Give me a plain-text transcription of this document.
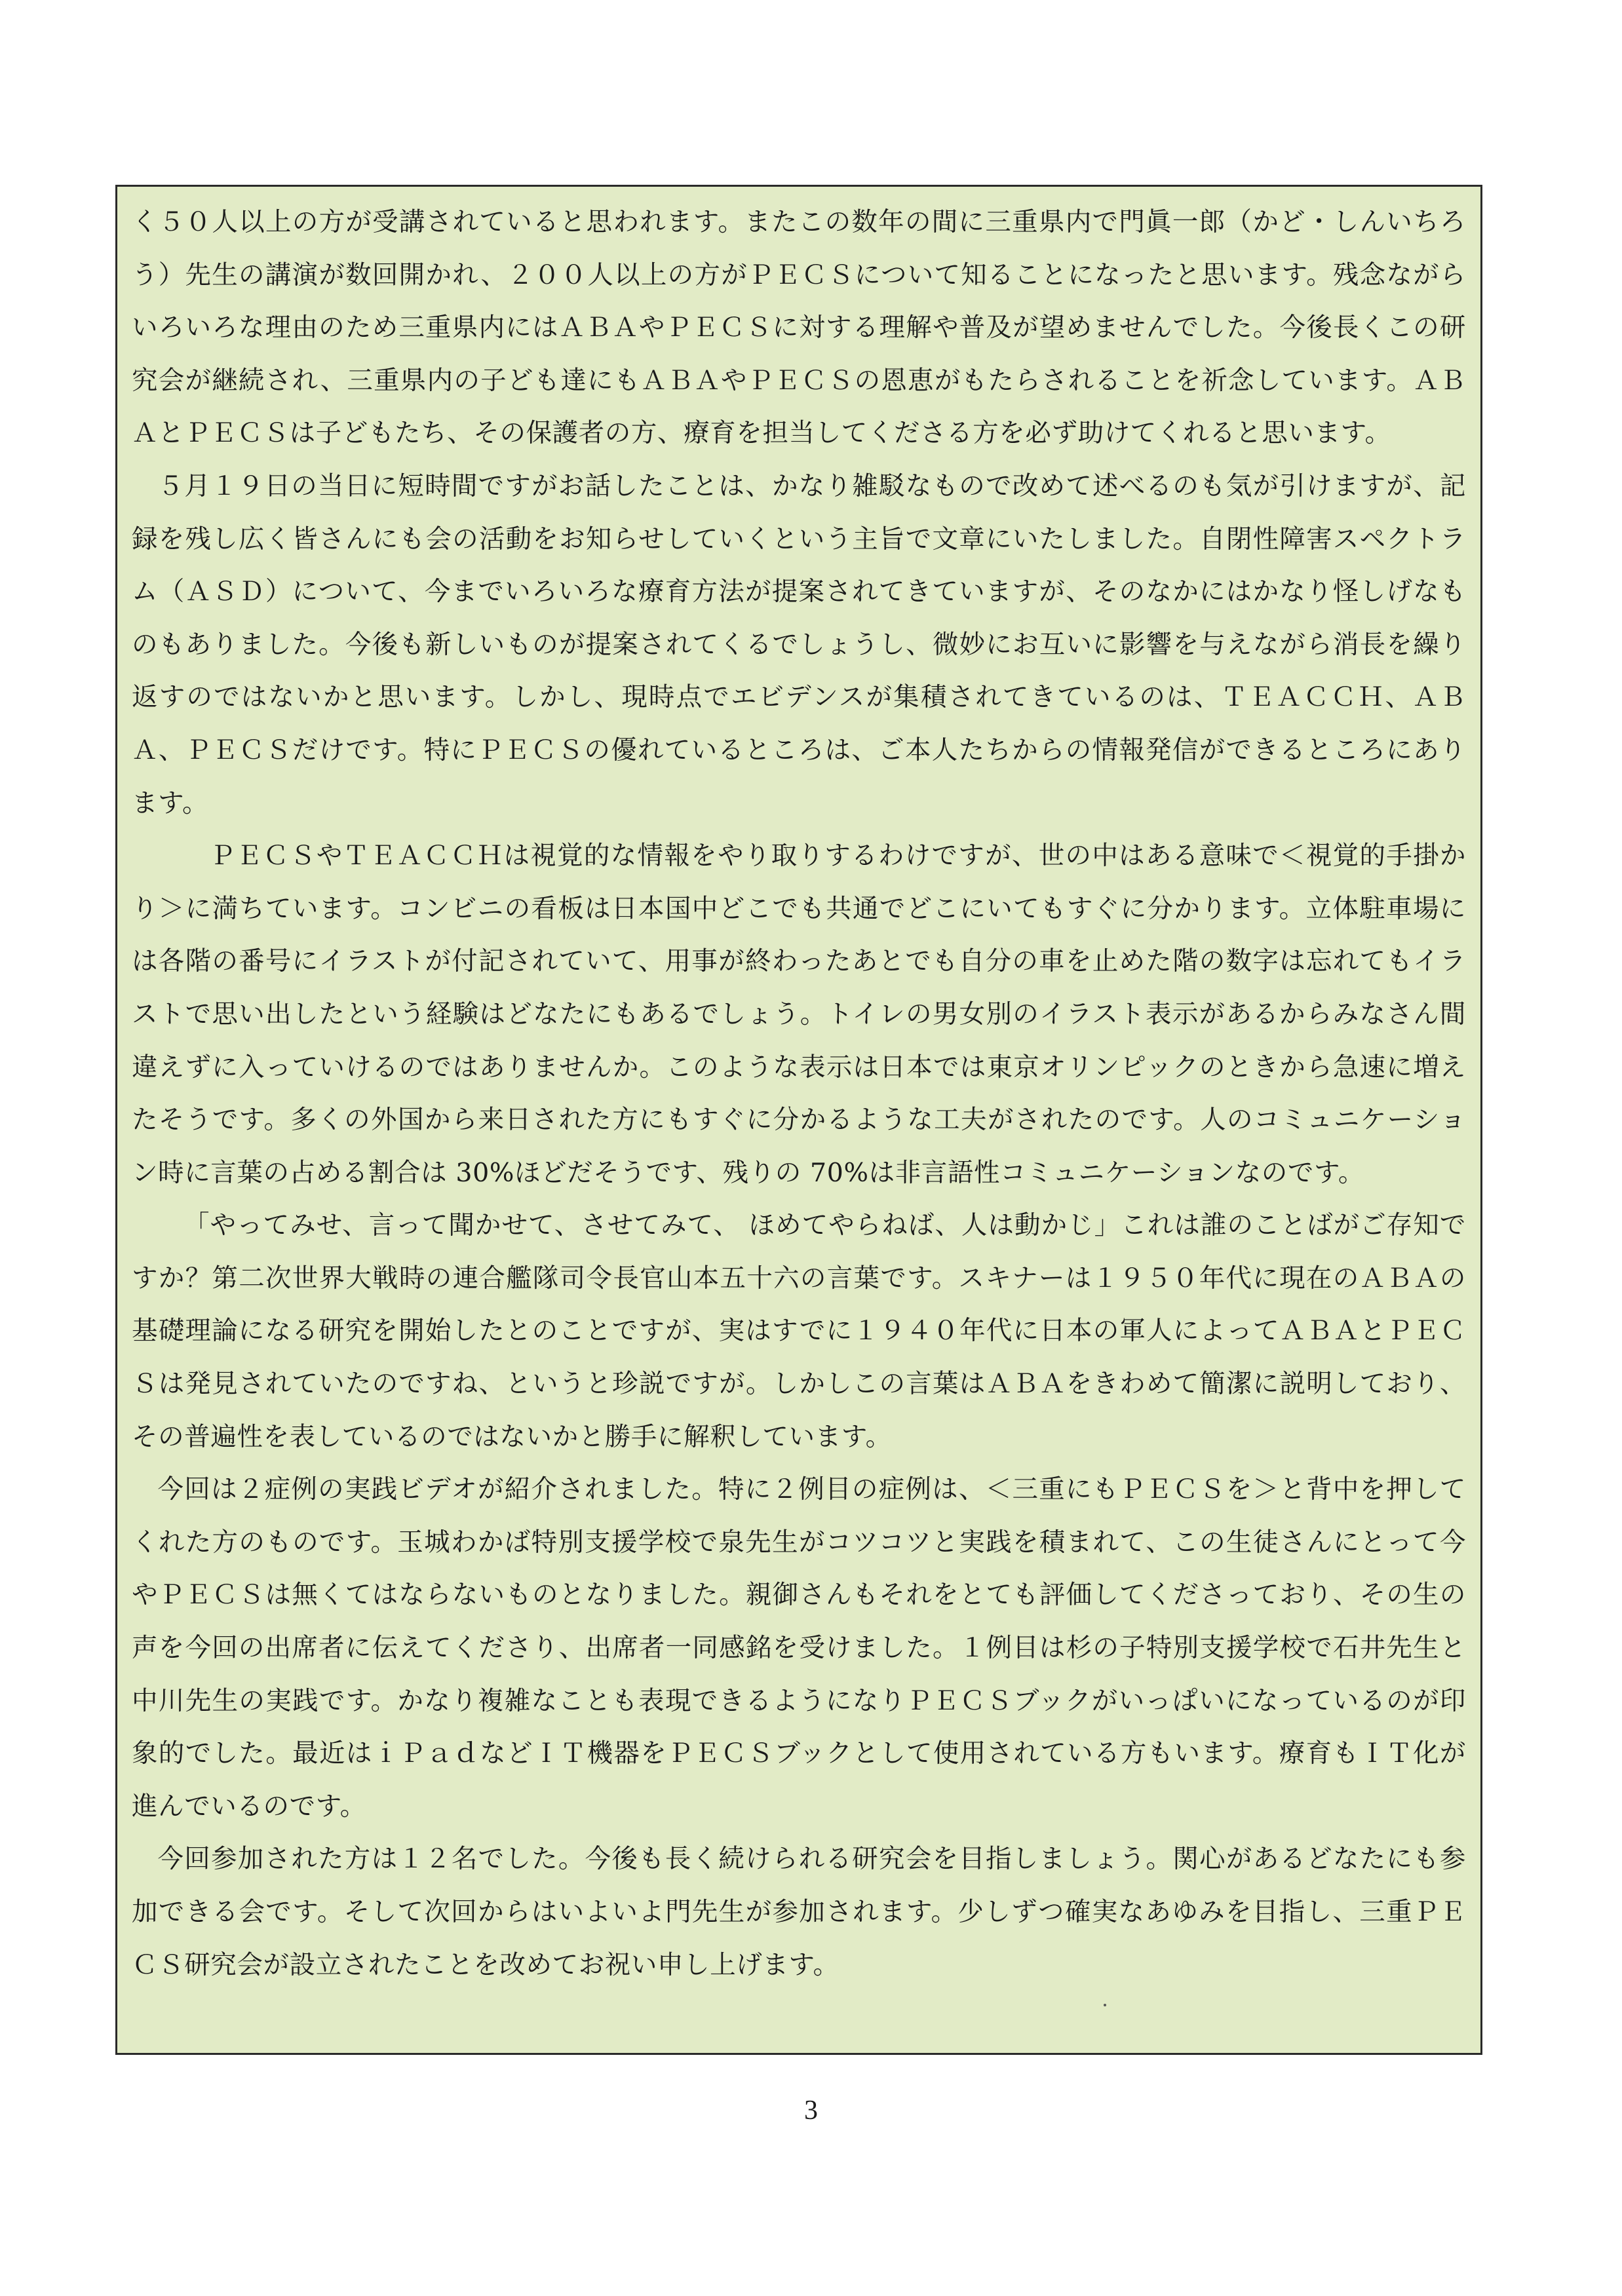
く５０人以上の方が受講されていると思われます。またこの数年の間に三重県内で門眞一郎（かど・しんいちろう）先生の講演が数回開かれ、２００人以上の方がＰＥＣＳについて知ることになったと思います。残念ながらいろいろな理由のため三重県内にはＡＢＡやＰＥＣＳに対する理解や普及が望めませんでした。今後長くこの研究会が継続され、三重県内の子ども達にもＡＢＡやＰＥＣＳの恩恵がもたらされることを祈念しています。ＡＢＡとＰＥＣＳは子どもたち、その保護者の方、療育を担当してくださる方を必ず助けてくれると思います。

５月１９日の当日に短時間ですがお話したことは、かなり雑駁なもので改めて述べるのも気が引けますが、記録を残し広く皆さんにも会の活動をお知らせしていくという主旨で文章にいたしました。自閉性障害スペクトラム（ＡＳＤ）について、今までいろいろな療育方法が提案されてきていますが、そのなかにはかなり怪しげなものもありました。今後も新しいものが提案されてくるでしょうし、微妙にお互いに影響を与えながら消長を繰り返すのではないかと思います。しかし、現時点でエビデンスが集積されてきているのは、ＴＥＡＣＣＨ、ＡＢＡ、ＰＥＣＳだけです。特にＰＥＣＳの優れているところは、ご本人たちからの情報発信ができるところにあります。

ＰＥＣＳやＴＥＡＣＣＨは視覚的な情報をやり取りするわけですが、世の中はある意味で＜視覚的手掛かり＞に満ちています。コンビニの看板は日本国中どこでも共通でどこにいてもすぐに分かります。立体駐車場には各階の番号にイラストが付記されていて、用事が終わったあとでも自分の車を止めた階の数字は忘れてもイラストで思い出したという経験はどなたにもあるでしょう。トイレの男女別のイラスト表示があるからみなさん間違えずに入っていけるのではありませんか。このような表示は日本では東京オリンピックのときから急速に増えたそうです。多くの外国から来日された方にもすぐに分かるような工夫がされたのです。人のコミュニケーション時に言葉の占める割合は 30%ほどだそうです、残りの 70%は非言語性コミュニケーションなのです。

「やってみせ、言って聞かせて、させてみて、 ほめてやらねば、人は動かじ」これは誰のことばがご存知ですか？第二次世界大戦時の連合艦隊司令長官山本五十六の言葉です。スキナーは１９５０年代に現在のＡＢＡの基礎理論になる研究を開始したとのことですが、実はすでに１９４０年代に日本の軍人によってＡＢＡとＰＥＣＳは発見されていたのですね、というと珍説ですが。しかしこの言葉はＡＢＡをきわめて簡潔に説明しており、その普遍性を表しているのではないかと勝手に解釈しています。

今回は２症例の実践ビデオが紹介されました。特に２例目の症例は、＜三重にもＰＥＣＳを＞と背中を押してくれた方のものです。玉城わかば特別支援学校で泉先生がコツコツと実践を積まれて、この生徒さんにとって今やＰＥＣＳは無くてはならないものとなりました。親御さんもそれをとても評価してくださっており、その生の声を今回の出席者に伝えてくださり、出席者一同感銘を受けました。１例目は杉の子特別支援学校で石井先生と中川先生の実践です。かなり複雑なことも表現できるようになりＰＥＣＳブックがいっぱいになっているのが印象的でした。最近はｉＰａｄなどＩＴ機器をＰＥＣＳブックとして使用されている方もいます。療育もＩＴ化が進んでいるのです。

今回参加された方は１２名でした。今後も長く続けられる研究会を目指しましょう。関心があるどなたにも参加できる会です。そして次回からはいよいよ門先生が参加されます。少しずつ確実なあゆみを目指し、三重ＰＥＣＳ研究会が設立されたことを改めてお祝い申し上げます。

3
